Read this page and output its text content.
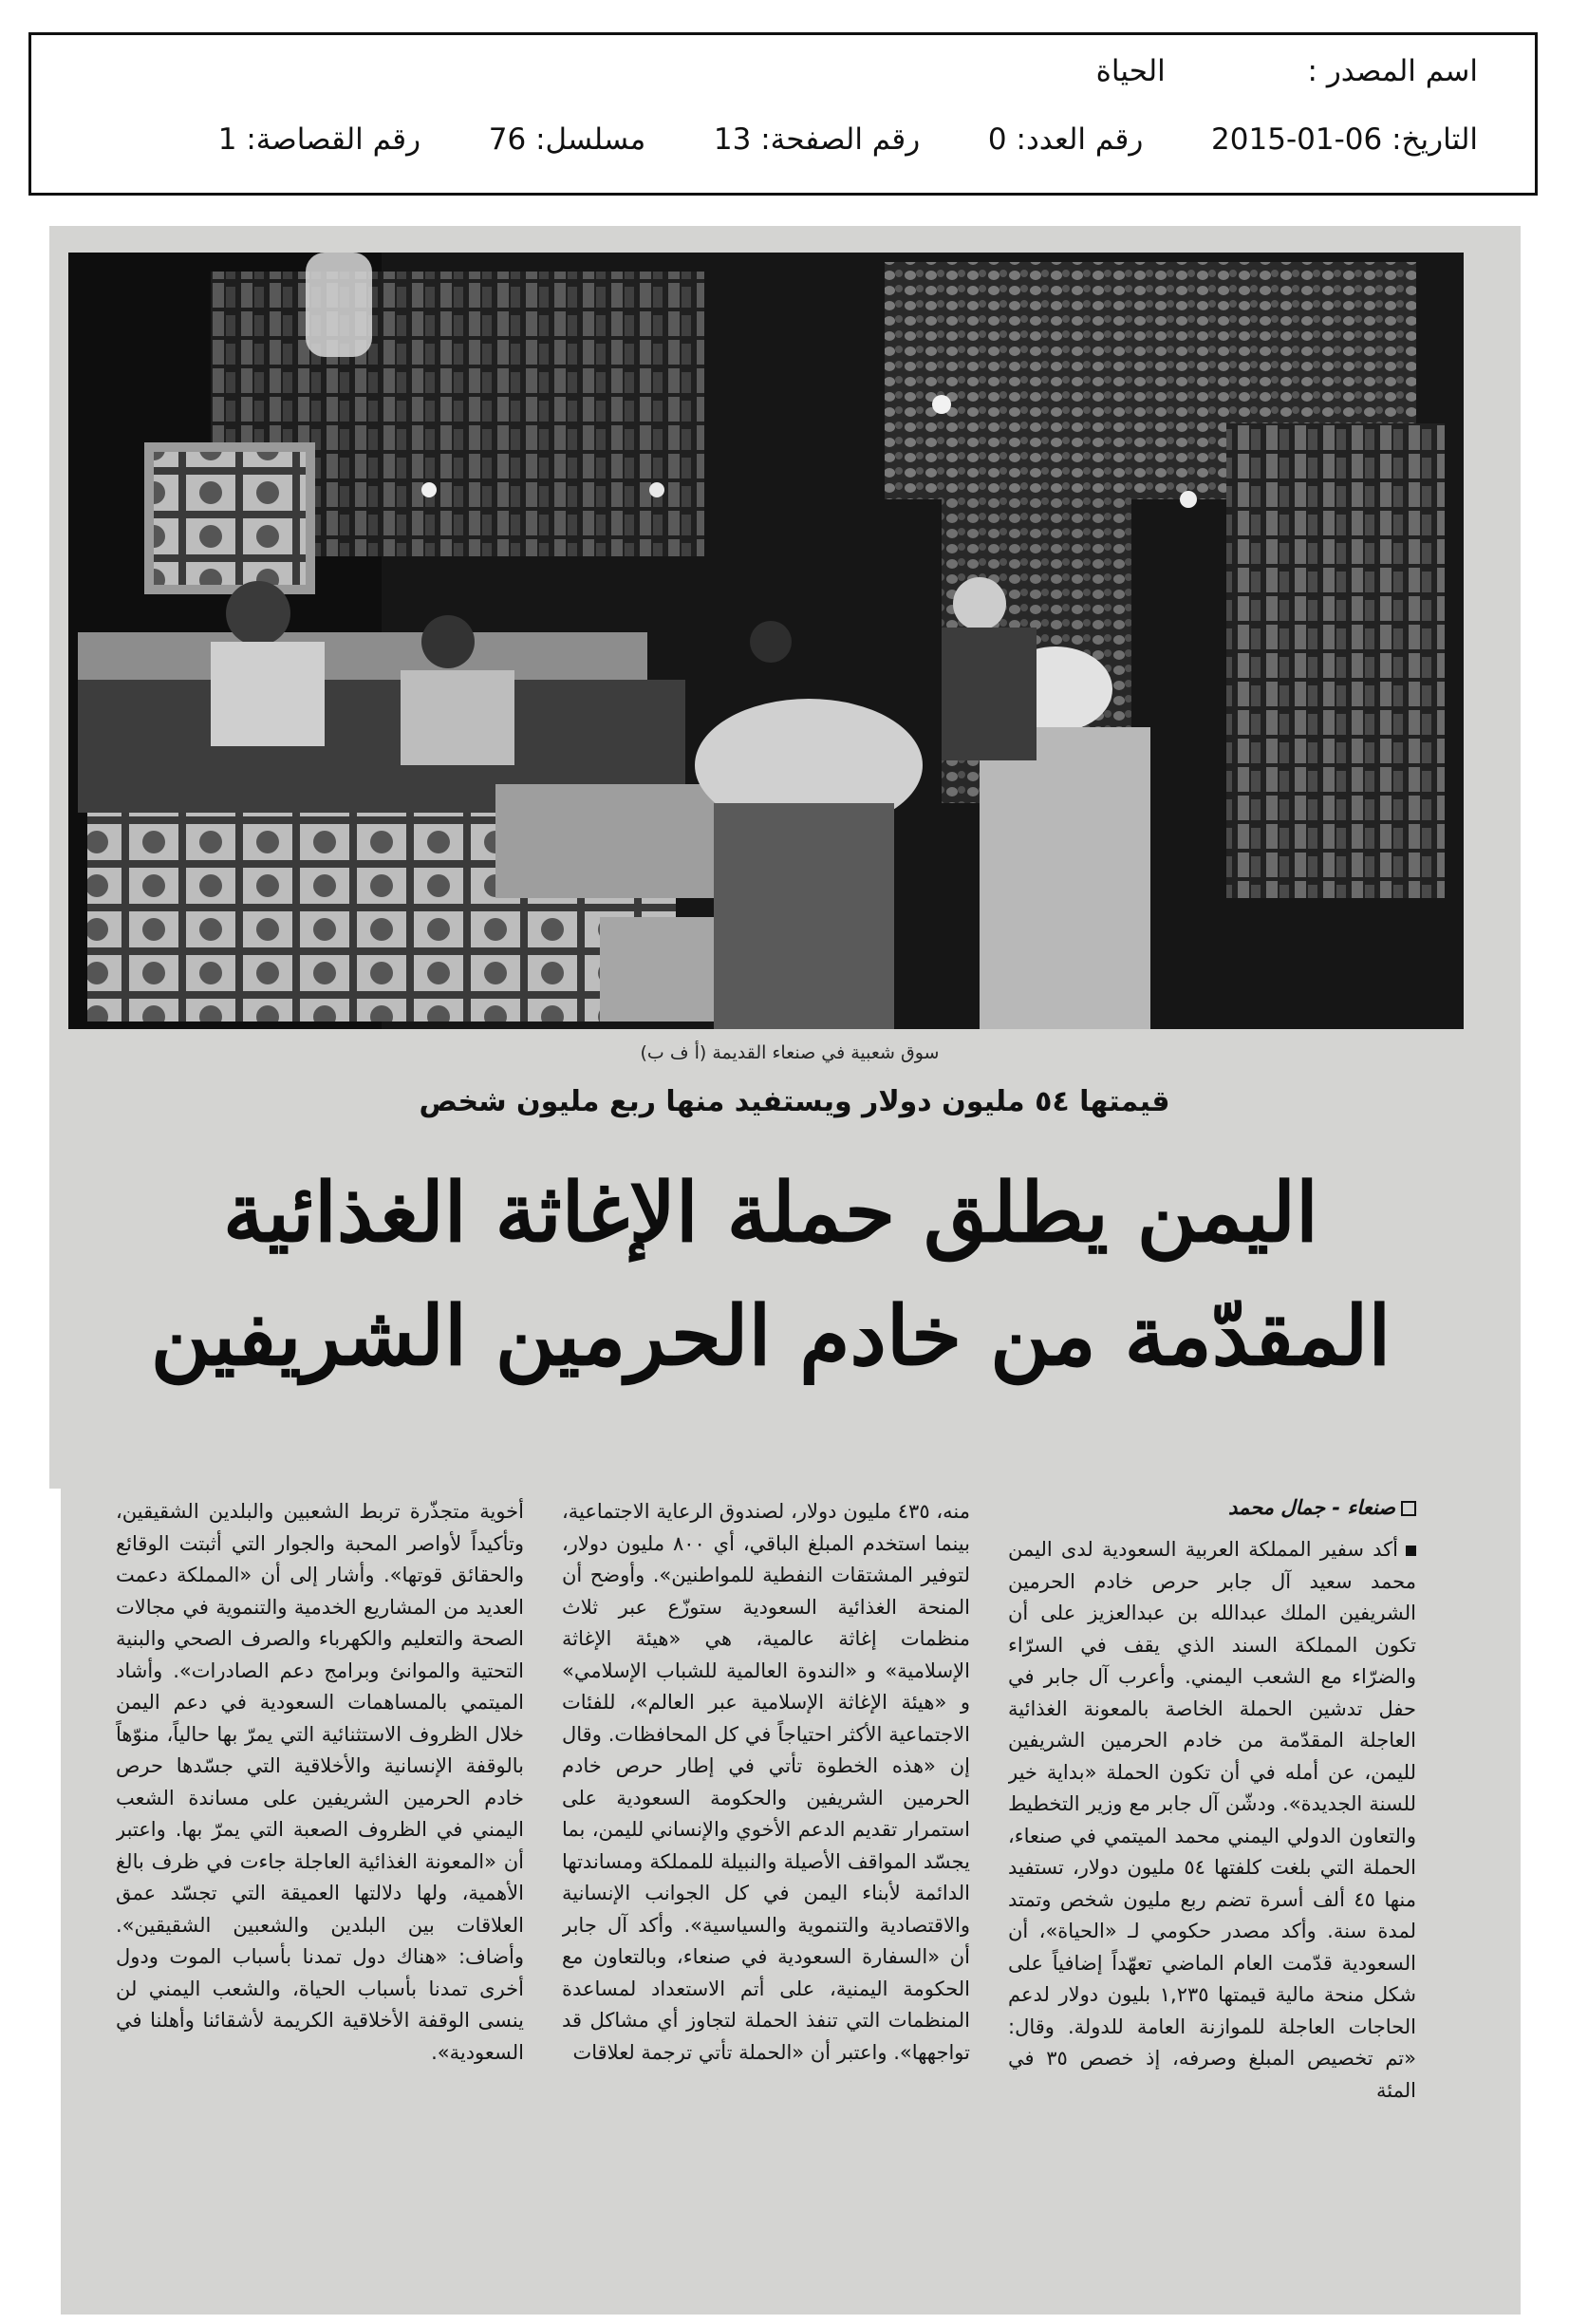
اسم المصدر :  الحياة
التاريخ: 06-01-2015  رقم العدد: 0  رقم الصفحة: 13  مسلسل: 76  رقم القصاصة: 1
سوق شعبية في صنعاء القديمة (أ ف ب)
قيمتها ٥٤ مليون دولار ويستفيد منها ربع مليون شخص
اليمن يطلق حملة الإغاثة الغذائية
المقدّمة من خادم الحرمين الشريفين
صنعاء - جمال محمد

أكد سفير المملكة العربية السعودية لدى اليمن محمد سعيد آل جابر حرص خادم الحرمين الشريفين الملك عبدالله بن عبدالعزيز على أن تكون المملكة السند الذي يقف في السرّاء والضرّاء مع الشعب اليمني. وأعرب آل جابر في حفل تدشين الحملة الخاصة بالمعونة الغذائية العاجلة المقدّمة من خادم الحرمين الشريفين لليمن، عن أمله في أن تكون الحملة «بداية خير للسنة الجديدة». ودشّن آل جابر مع وزير التخطيط والتعاون الدولي اليمني محمد الميتمي في صنعاء، الحملة التي بلغت كلفتها ٥٤ مليون دولار، تستفيد منها ٤٥ ألف أسرة تضم ربع مليون شخص وتمتد لمدة سنة. وأكد مصدر حكومي لـ «الحياة»، أن السعودية قدّمت العام الماضي تعهّداً إضافياً على شكل منحة مالية قيمتها ١,٢٣٥ بليون دولار لدعم الحاجات العاجلة للموازنة العامة للدولة. وقال: «تم تخصيص المبلغ وصرفه، إذ خصص ٣٥ في المئة

منه، ٤٣٥ مليون دولار، لصندوق الرعاية الاجتماعية، بينما استخدم المبلغ الباقي، أي ٨٠٠ مليون دولار، لتوفير المشتقات النفطية للمواطنين». وأوضح أن المنحة الغذائية السعودية ستوزّع عبر ثلاث منظمات إغاثة عالمية، هي «هيئة الإغاثة الإسلامية» و «الندوة العالمية للشباب الإسلامي» و «هيئة الإغاثة الإسلامية عبر العالم»، للفئات الاجتماعية الأكثر احتياجاً في كل المحافظات. وقال إن «هذه الخطوة تأتي في إطار حرص خادم الحرمين الشريفين والحكومة السعودية على استمرار تقديم الدعم الأخوي والإنساني لليمن، بما يجسّد المواقف الأصيلة والنبيلة للمملكة ومساندتها الدائمة لأبناء اليمن في كل الجوانب الإنسانية والاقتصادية والتنموية والسياسية». وأكد آل جابر أن «السفارة السعودية في صنعاء، وبالتعاون مع الحكومة اليمنية، على أتم الاستعداد لمساعدة المنظمات التي تنفذ الحملة لتجاوز أي مشاكل قد تواجهها». واعتبر أن «الحملة تأتي ترجمة لعلاقات

أخوية متجذّرة تربط الشعبين والبلدين الشقيقين، وتأكيداً لأواصر المحبة والجوار التي أثبتت الوقائع والحقائق قوتها». وأشار إلى أن «المملكة دعمت العديد من المشاريع الخدمية والتنموية في مجالات الصحة والتعليم والكهرباء والصرف الصحي والبنية التحتية والموانئ وبرامج دعم الصادرات». وأشاد الميتمي بالمساهمات السعودية في دعم اليمن خلال الظروف الاستثنائية التي يمرّ بها حالياً، منوّهاً بالوقفة الإنسانية والأخلاقية التي جسّدها حرص خادم الحرمين الشريفين على مساندة الشعب اليمني في الظروف الصعبة التي يمرّ بها. واعتبر أن «المعونة الغذائية العاجلة جاءت في ظرف بالغ الأهمية، ولها دلالتها العميقة التي تجسّد عمق العلاقات بين البلدين والشعبين الشقيقين». وأضاف: «هناك دول تمدنا بأسباب الموت ودول أخرى تمدنا بأسباب الحياة، والشعب اليمني لن ينسى الوقفة الأخلاقية الكريمة لأشقائنا وأهلنا في السعودية».
